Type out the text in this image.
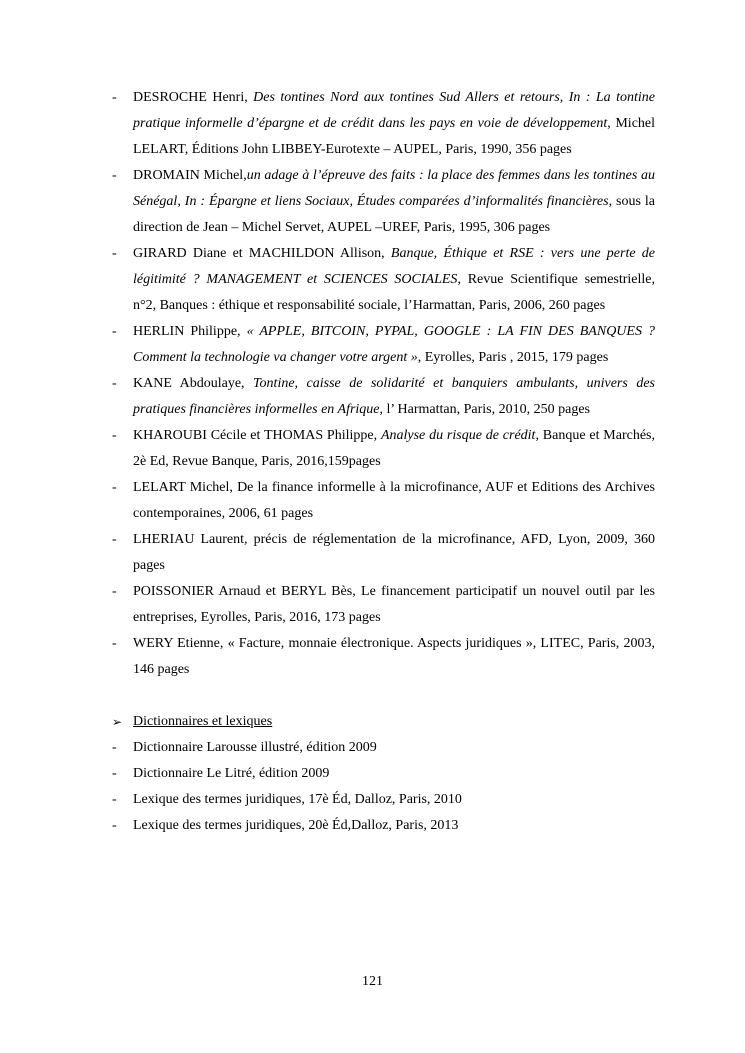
-	DESROCHE Henri, Des tontines Nord aux tontines Sud Allers et retours, In : La tontine pratique informelle d’épargne et de crédit dans les pays en voie de développement, Michel LELART, Éditions John LIBBEY-Eurotexte – AUPEL, Paris, 1990, 356 pages
-	DROMAIN Michel,un adage à l’épreuve des faits : la place des femmes dans les tontines au Sénégal, In : Épargne et liens Sociaux, Études comparées d’informalités financières, sous la direction de Jean – Michel Servet, AUPEL –UREF, Paris, 1995, 306 pages
-	GIRARD Diane et MACHILDON Allison, Banque, Éthique et RSE : vers une perte de légitimité ? MANAGEMENT et SCIENCES SOCIALES, Revue Scientifique semestrielle, n°2, Banques : éthique et responsabilité sociale, l’Harmattan, Paris, 2006, 260 pages
-	HERLIN Philippe, « APPLE, BITCOIN, PYPAL, GOOGLE : LA FIN DES BANQUES ? Comment la technologie va changer votre argent », Eyrolles, Paris , 2015, 179 pages
-	KANE Abdoulaye, Tontine, caisse de solidarité et banquiers ambulants, univers des pratiques financières informelles en Afrique, l’ Harmattan, Paris, 2010, 250 pages
-	KHAROUBI Cécile et THOMAS Philippe, Analyse du risque de crédit, Banque et Marchés, 2è Ed, Revue Banque, Paris, 2016,159pages
-	LELART Michel, De la finance informelle à la microfinance, AUF et Editions des Archives contemporaines, 2006, 61 pages
-	LHERIAU Laurent, précis de réglementation de la microfinance, AFD, Lyon, 2009, 360 pages
-	POISSONIER Arnaud et BERYL Bès, Le financement participatif un nouvel outil par les entreprises, Eyrolles, Paris, 2016, 173 pages
-	WERY Etienne, « Facture, monnaie électronique. Aspects juridiques », LITEC, Paris, 2003, 146 pages
➢ Dictionnaires et lexiques
-	Dictionnaire Larousse illustré, édition 2009
-	Dictionnaire Le Litré, édition 2009
-	Lexique des termes juridiques, 17è Éd, Dalloz, Paris, 2010
-	Lexique des termes juridiques, 20è Éd,Dalloz, Paris, 2013
121
